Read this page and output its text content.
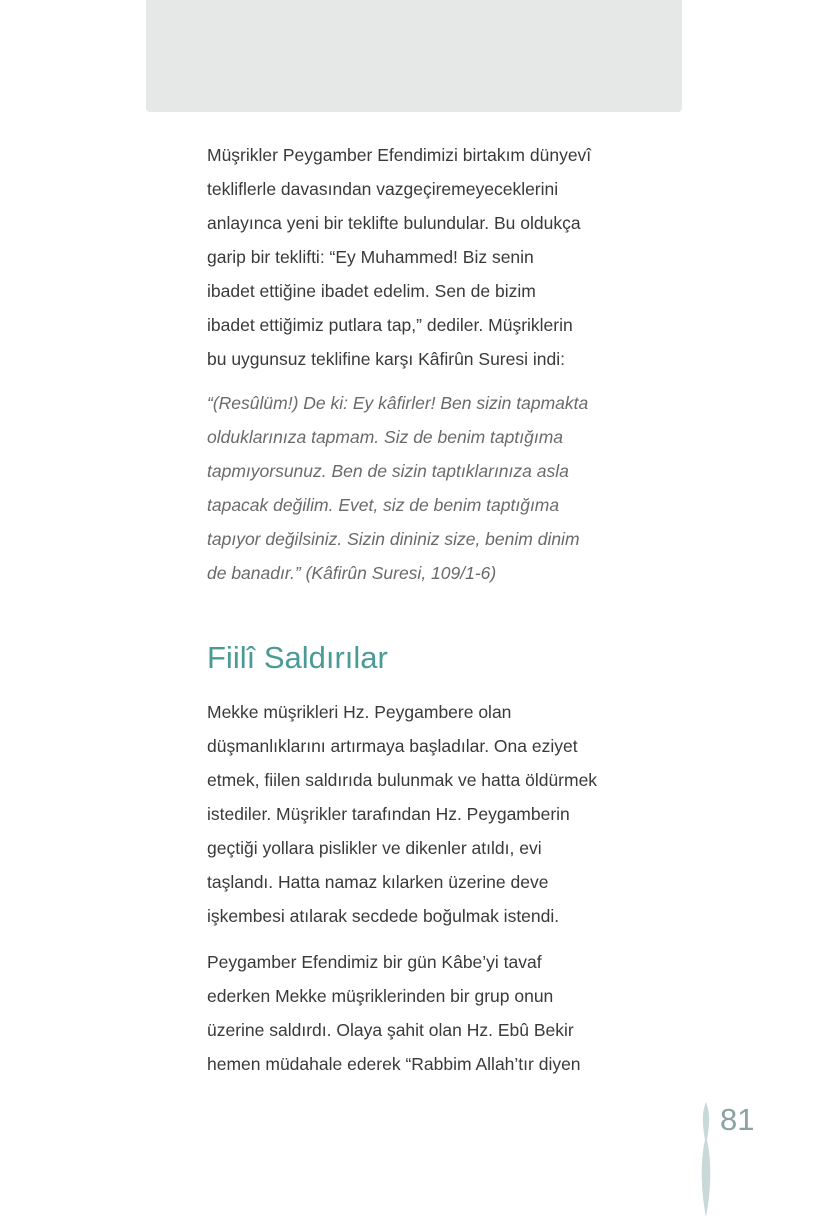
Müşrikler Peygamber Efendimizi birtakım dünyevî

tekliflerle davasından vazgeçiremeyeceklerini

anlayınca yeni bir teklifte bulundular. Bu oldukça

garip bir teklifti: “Ey Muhammed! Biz senin

ibadet ettiğine ibadet edelim. Sen de bizim

ibadet ettiğimiz putlara tap,” dediler. Müşriklerin

bu uygunsuz teklifine karşı Kâfirûn Suresi indi:

“(Resûlüm!) De ki: Ey kâfirler! Ben sizin tapmakta

olduklarınıza tapmam. Siz de benim taptığıma

tapmıyorsunuz. Ben de sizin taptıklarınıza asla

tapacak değilim. Evet, siz de benim taptığıma

tapıyor değilsiniz. Sizin dininiz size, benim dinim

de banadır.” (Kâfirûn Suresi, 109/1-6)

Fiilî Saldırılar

Mekke müşrikleri Hz. Peygambere olan

düşmanlıklarını artırmaya başladılar. Ona eziyet

etmek, fiilen saldırıda bulunmak ve hatta öldürmek

istediler. Müşrikler tarafından Hz. Peygamberin

geçtiği yollara pislikler ve dikenler atıldı, evi

taşlandı. Hatta namaz kılarken üzerine deve

işkembesi atılarak secdede boğulmak istendi.

Peygamber Efendimiz bir gün Kâbe’yi tavaf

ederken Mekke müşriklerinden bir grup onun

üzerine saldırdı. Olaya şahit olan Hz. Ebû Bekir

hemen müdahale ederek “Rabbim Allah’tır diyen

81
